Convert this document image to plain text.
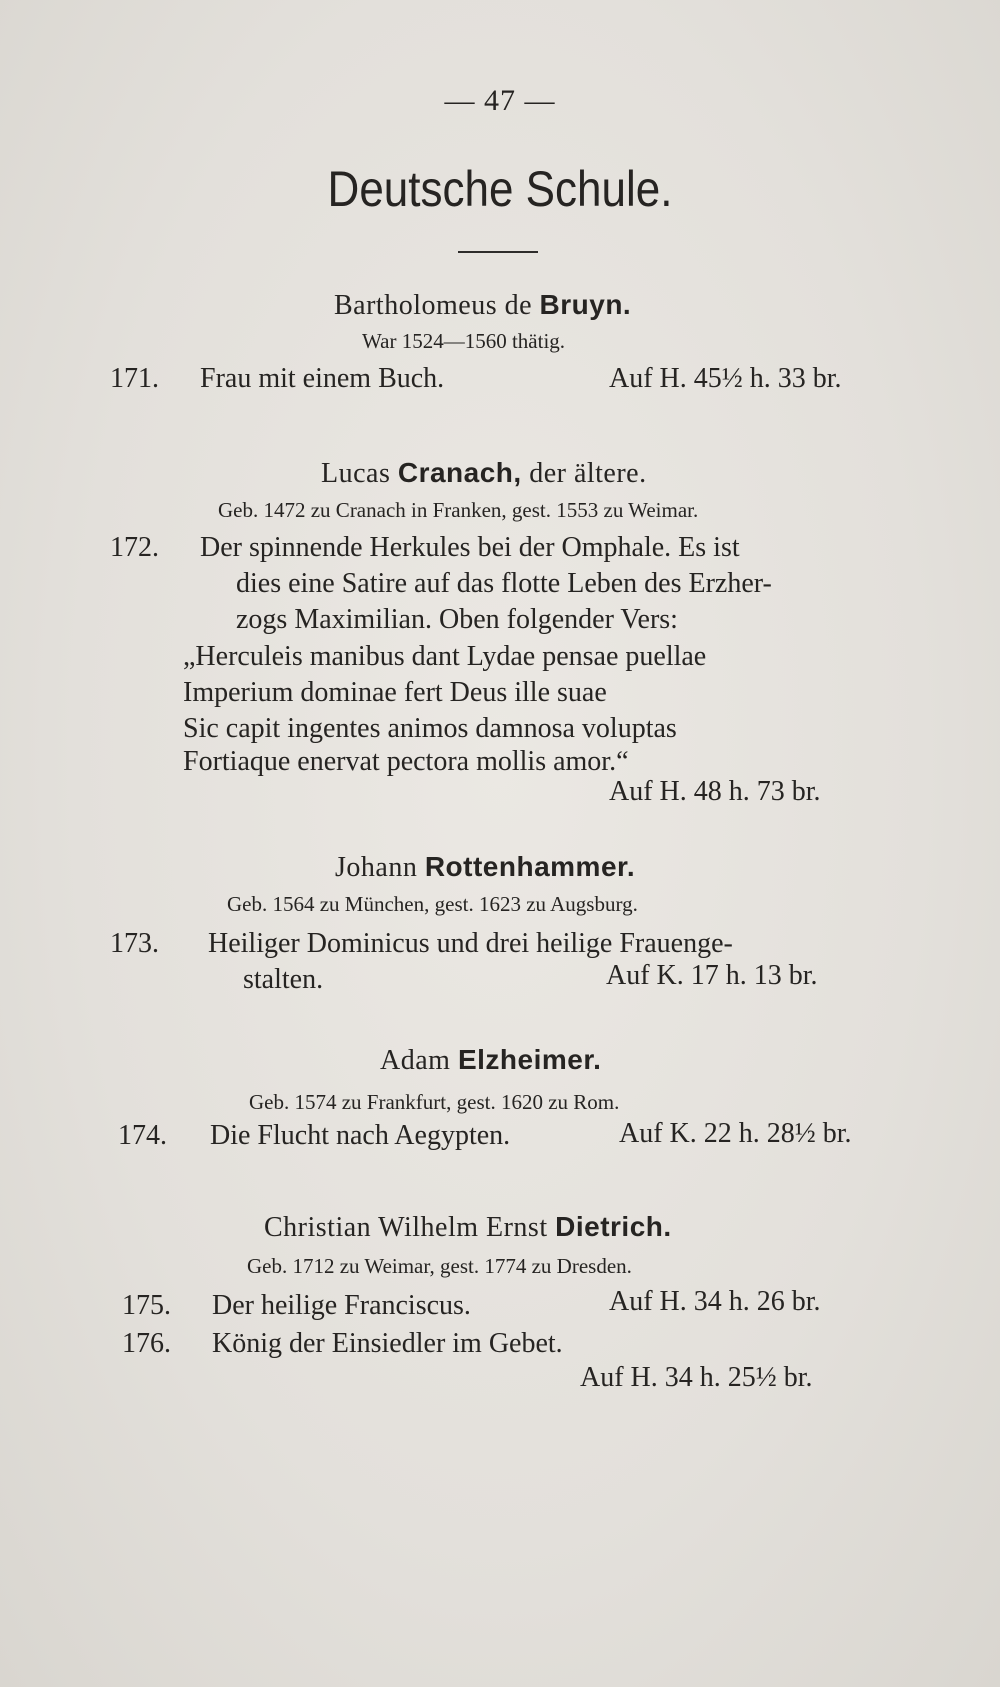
— 47 —
Deutsche Schule.
Bartholomeus de Bruyn.
War 1524—1560 thätig.
171. Frau mit einem Buch.	Auf H. 45½ h. 33 br.
Lucas Cranach, der ältere.
Geb. 1472 zu Cranach in Franken, gest. 1553 zu Weimar.
172. Der spinnende Herkules bei der Omphale. Es ist
dies eine Satire auf das flotte Leben des Erzher-
zogs Maximilian. Oben folgender Vers:
„Herculeis manibus dant Lydae pensae puellae
Imperium dominae fert Deus ille suae
Sic capit ingentes animos damnosa voluptas
Fortiaque enervat pectora mollis amor.“
Auf H. 48 h. 73 br.
Johann Rottenhammer.
Geb. 1564 zu München, gest. 1623 zu Augsburg.
173. Heiliger Dominicus und drei heilige Frauenge-
stalten.	Auf K. 17 h. 13 br.
Adam Elzheimer.
Geb. 1574 zu Frankfurt, gest. 1620 zu Rom.
174. Die Flucht nach Aegypten.	Auf K. 22 h. 28½ br.
Christian Wilhelm Ernst Dietrich.
Geb. 1712 zu Weimar, gest. 1774 zu Dresden.
175. Der heilige Franciscus.	Auf H. 34 h. 26 br.
176. König der Einsiedler im Gebet.
Auf H. 34 h. 25½ br.
